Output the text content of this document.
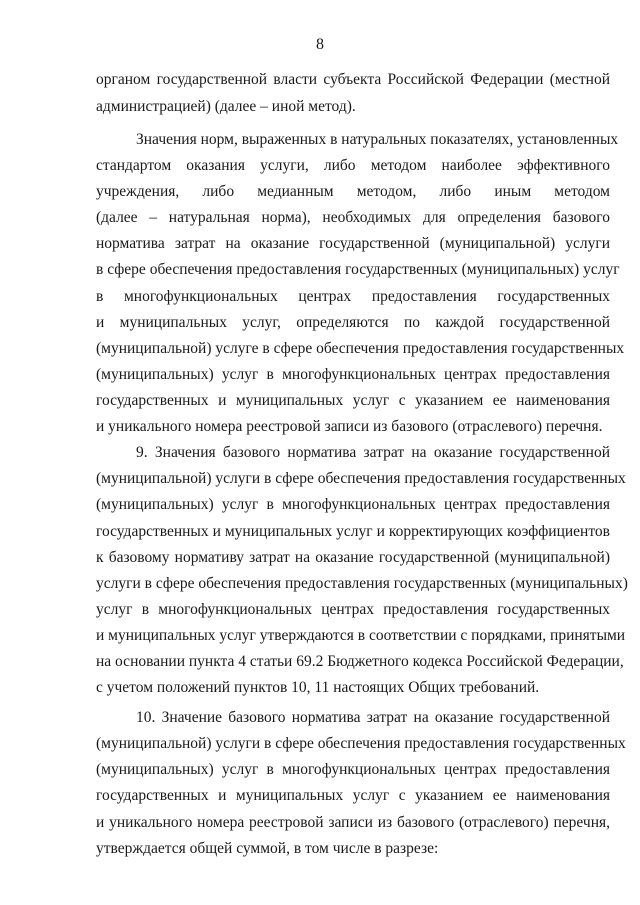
8
органом государственной власти субъекта Российской Федерации (местной
администрацией) (далее – иной метод).
Значения норм, выраженных в натуральных показателях, установленных
стандартом оказания услуги, либо методом наиболее эффективного
учреждения, либо медианным методом, либо иным методом
(далее – натуральная норма), необходимых для определения базового
норматива затрат на оказание государственной (муниципальной) услуги
в сфере обеспечения предоставления государственных (муниципальных) услуг
в многофункциональных центрах предоставления государственных
и муниципальных услуг, определяются по каждой государственной
(муниципальной) услуге в сфере обеспечения предоставления государственных
(муниципальных) услуг в многофункциональных центрах предоставления
государственных и муниципальных услуг с указанием ее наименования
и уникального номера реестровой записи из базового (отраслевого) перечня.
9. Значения базового норматива затрат на оказание государственной
(муниципальной) услуги в сфере обеспечения предоставления государственных
(муниципальных) услуг в многофункциональных центрах предоставления
государственных и муниципальных услуг и корректирующих коэффициентов
к базовому нормативу затрат на оказание государственной (муниципальной)
услуги в сфере обеспечения предоставления государственных (муниципальных)
услуг в многофункциональных центрах предоставления государственных
и муниципальных услуг утверждаются в соответствии с порядками, принятыми
на основании пункта 4 статьи 69.2 Бюджетного кодекса Российской Федерации,
с учетом положений пунктов 10, 11 настоящих Общих требований.
10. Значение базового норматива затрат на оказание государственной
(муниципальной) услуги в сфере обеспечения предоставления государственных
(муниципальных) услуг в многофункциональных центрах предоставления
государственных и муниципальных услуг с указанием ее наименования
и уникального номера реестровой записи из базового (отраслевого) перечня,
утверждается общей суммой, в том числе в разрезе:
